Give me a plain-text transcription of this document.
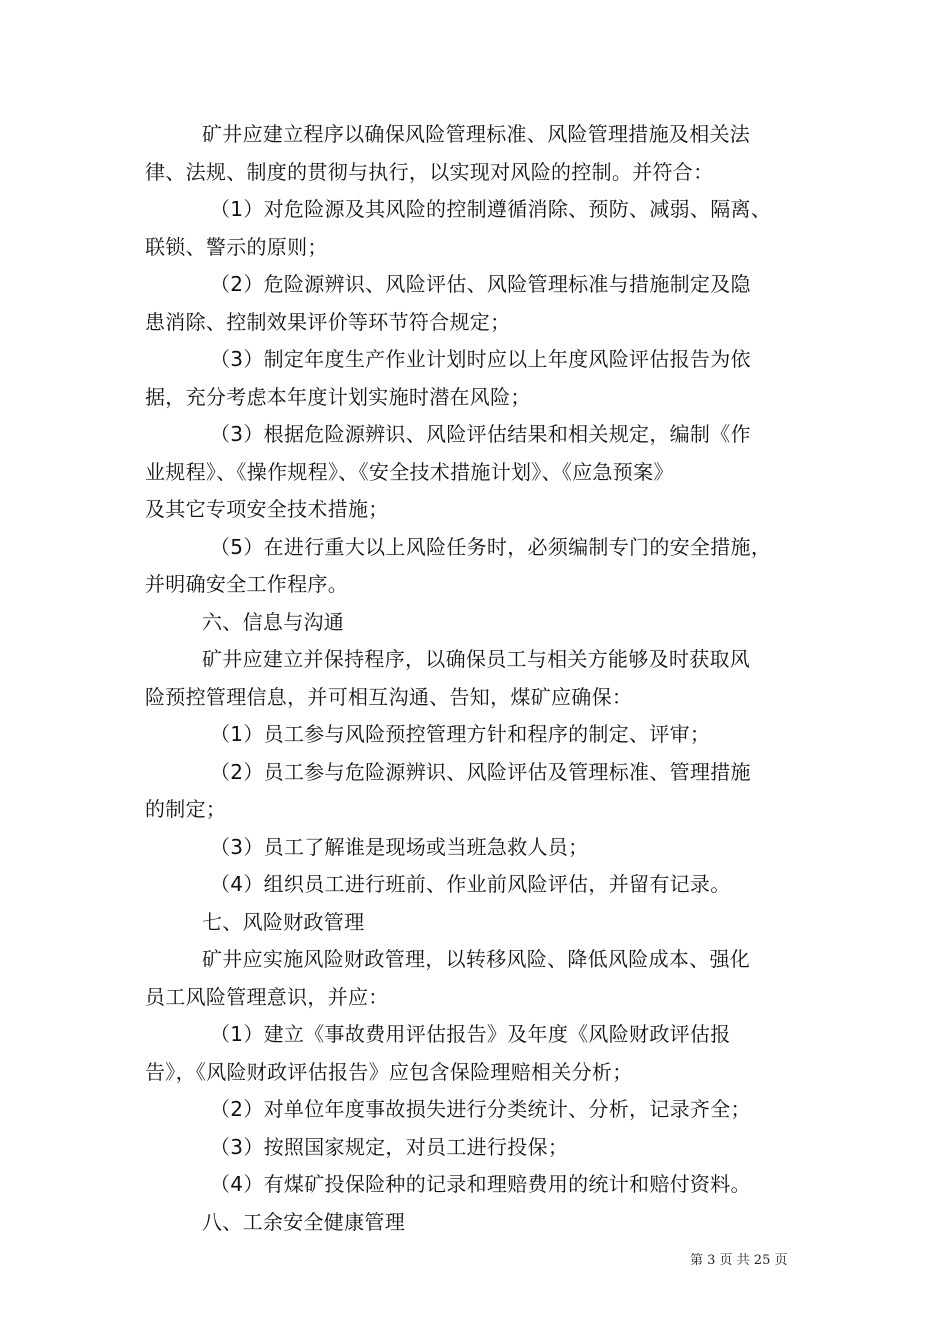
矿井应建立程序以确保风险管理标准、风险管理措施及相关法

律、法规、制度的贯彻与执行，以实现对风险的控制。并符合：

（1）对危险源及其风险的控制遵循消除、预防、减弱、隔离、

联锁、警示的原则；

（2）危险源辨识、风险评估、风险管理标准与措施制定及隐

患消除、控制效果评价等环节符合规定；

（3）制定年度生产作业计划时应以上年度风险评估报告为依

据，充分考虑本年度计划实施时潜在风险；

（3）根据危险源辨识、风险评估结果和相关规定，编制《作

业规程》、《操作规程》、《安全技术措施计划》、《应急预案》

及其它专项安全技术措施；

（5）在进行重大以上风险任务时，必须编制专门的安全措施，

并明确安全工作程序。

六、信息与沟通

矿井应建立并保持程序，以确保员工与相关方能够及时获取风

险预控管理信息，并可相互沟通、告知，煤矿应确保：

（1）员工参与风险预控管理方针和程序的制定、评审；

（2）员工参与危险源辨识、风险评估及管理标准、管理措施

的制定；

（3）员工了解谁是现场或当班急救人员；

（4）组织员工进行班前、作业前风险评估，并留有记录。

七、风险财政管理

矿井应实施风险财政管理，以转移风险、降低风险成本、强化

员工风险管理意识，并应：

（1）建立《事故费用评估报告》及年度《风险财政评估报

告》，《风险财政评估报告》应包含保险理赔相关分析；

（2）对单位年度事故损失进行分类统计、分析，记录齐全；

（3）按照国家规定，对员工进行投保；

（4）有煤矿投保险种的记录和理赔费用的统计和赔付资料。

八、工余安全健康管理

第 3 页 共 25 页
